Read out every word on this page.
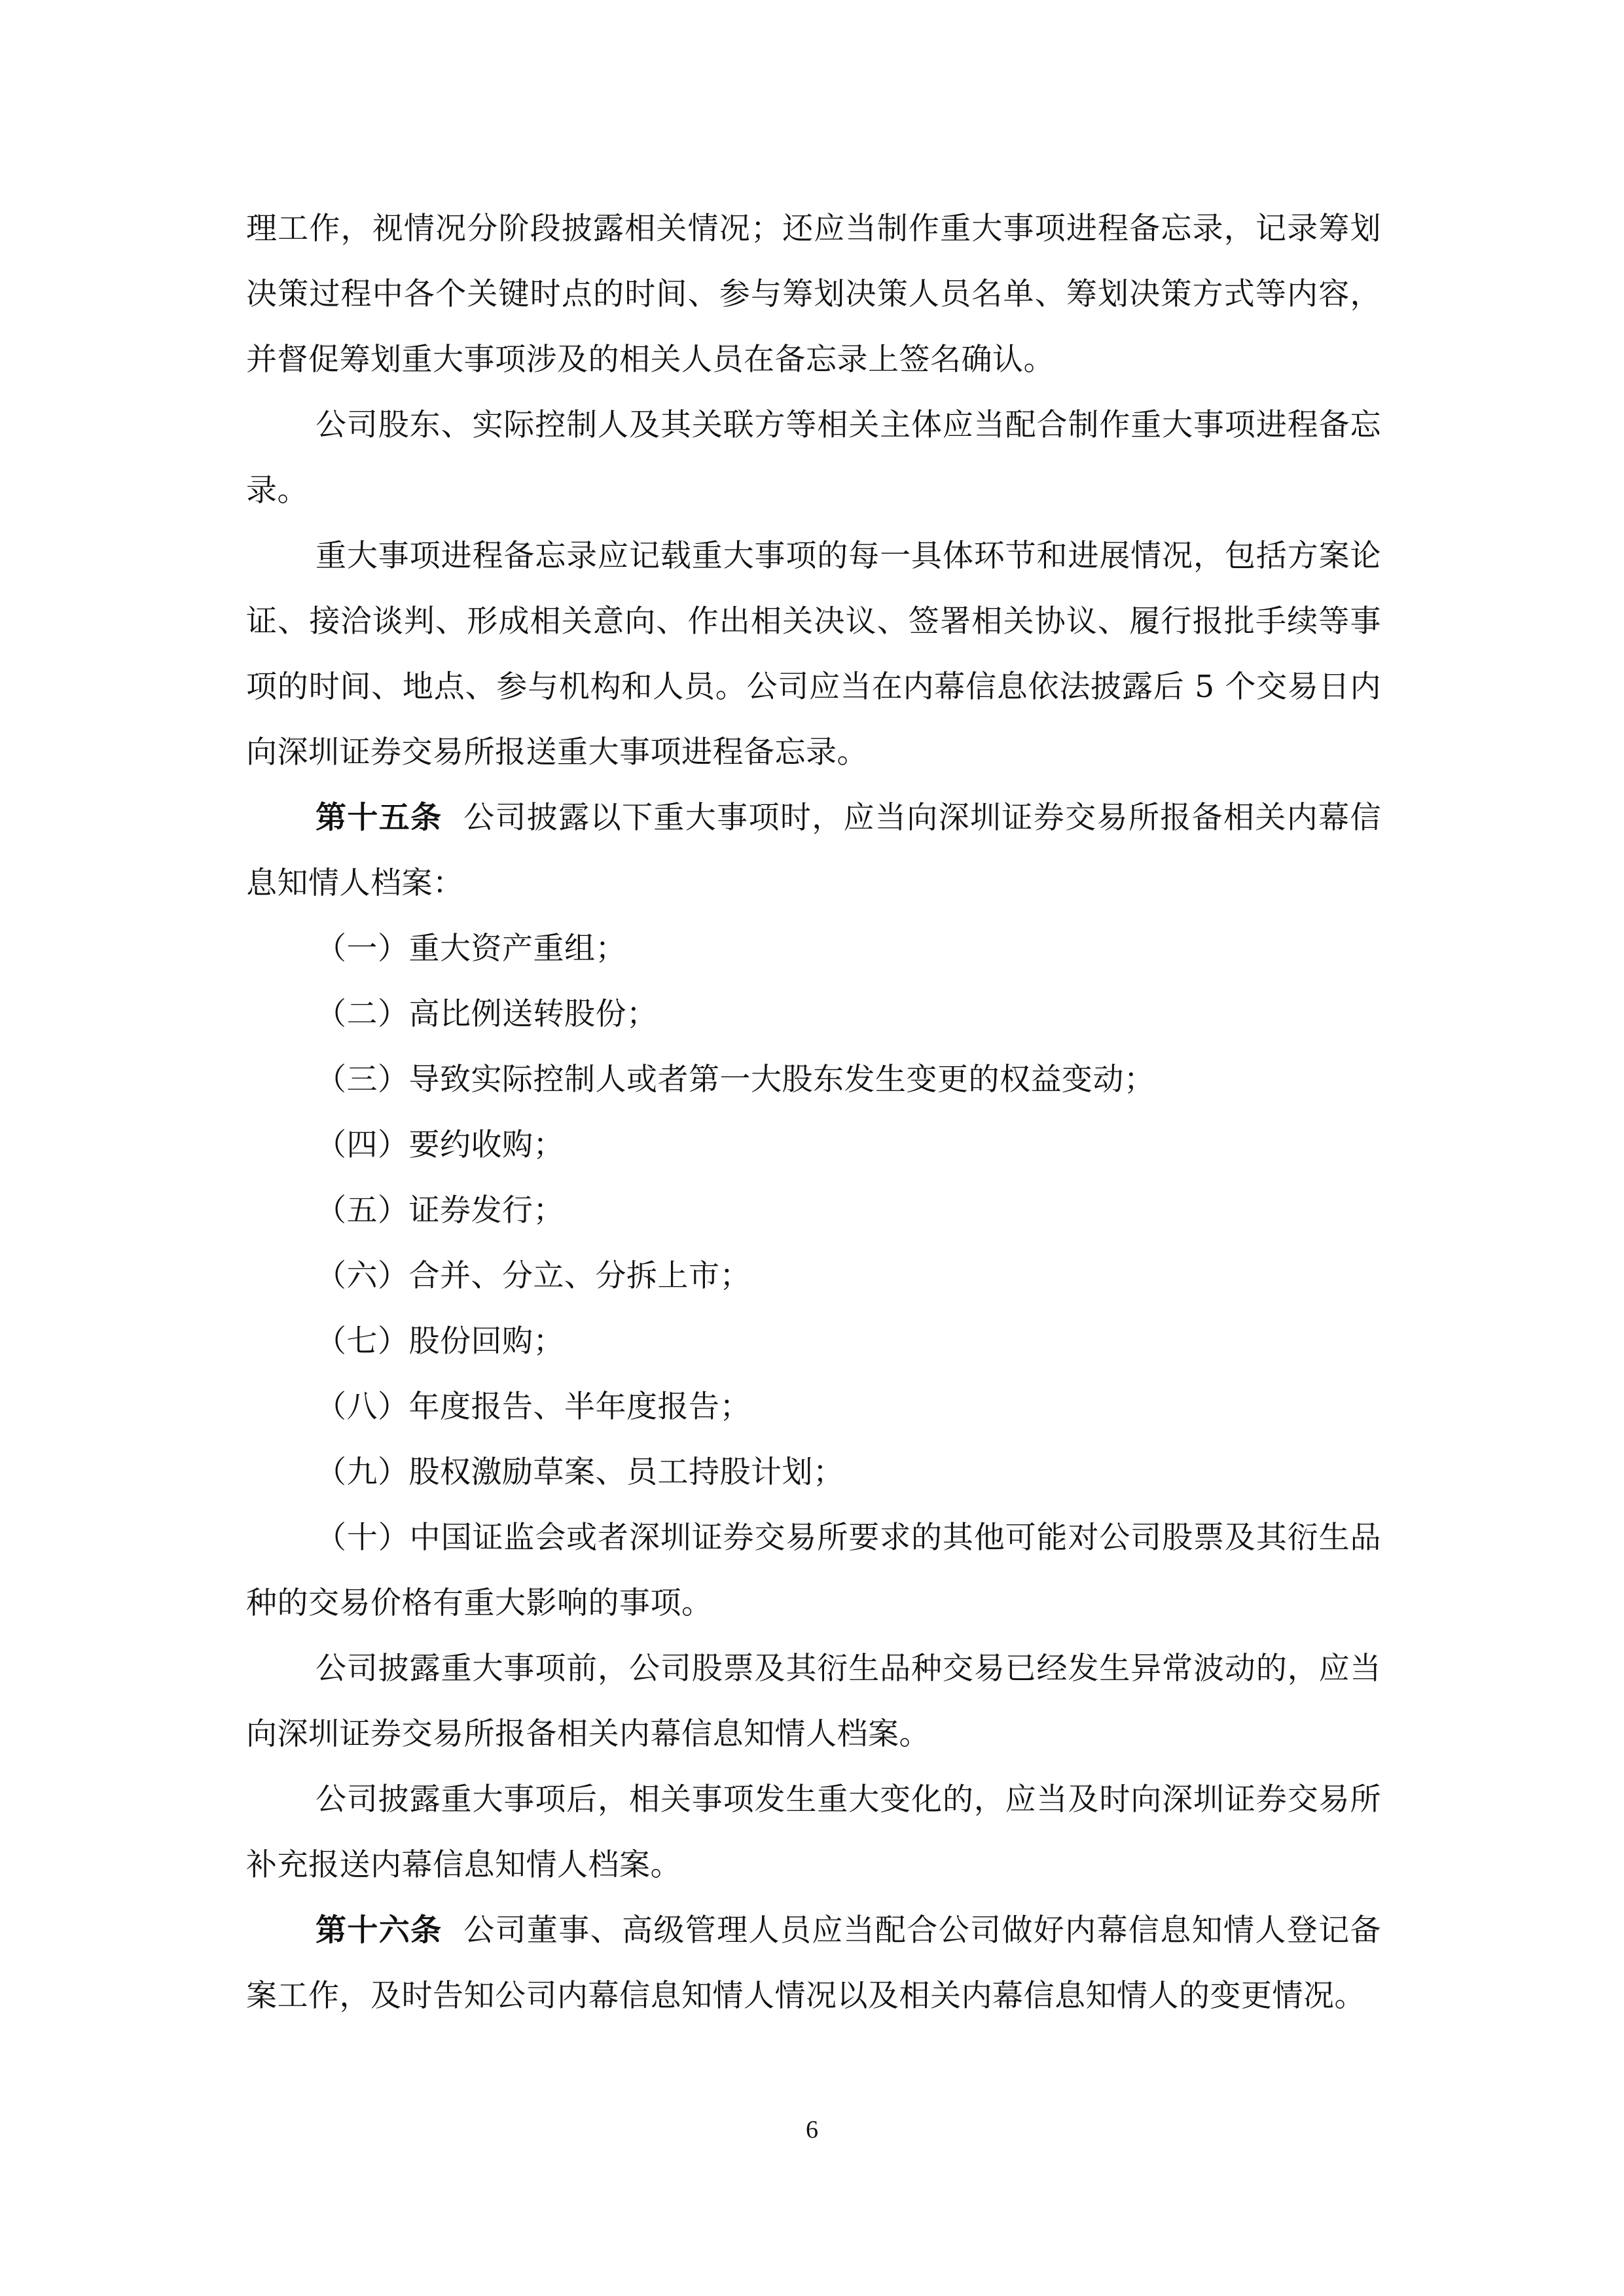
理工作，视情况分阶段披露相关情况；还应当制作重大事项进程备忘录，记录筹划决策过程中各个关键时点的时间、参与筹划决策人员名单、筹划决策方式等内容，并督促筹划重大事项涉及的相关人员在备忘录上签名确认。

公司股东、实际控制人及其关联方等相关主体应当配合制作重大事项进程备忘录。

重大事项进程备忘录应记载重大事项的每一具体环节和进展情况，包括方案论证、接洽谈判、形成相关意向、作出相关决议、签署相关协议、履行报批手续等事项的时间、地点、参与机构和人员。公司应当在内幕信息依法披露后 5 个交易日内向深圳证券交易所报送重大事项进程备忘录。

第十五条 公司披露以下重大事项时，应当向深圳证券交易所报备相关内幕信息知情人档案：

（一）重大资产重组；

（二）高比例送转股份；

（三）导致实际控制人或者第一大股东发生变更的权益变动；

（四）要约收购；

（五）证券发行；

（六）合并、分立、分拆上市；

（七）股份回购；

（八）年度报告、半年度报告；

（九）股权激励草案、员工持股计划；

（十）中国证监会或者深圳证券交易所要求的其他可能对公司股票及其衍生品种的交易价格有重大影响的事项。

公司披露重大事项前，公司股票及其衍生品种交易已经发生异常波动的，应当向深圳证券交易所报备相关内幕信息知情人档案。

公司披露重大事项后，相关事项发生重大变化的，应当及时向深圳证券交易所补充报送内幕信息知情人档案。

第十六条 公司董事、高级管理人员应当配合公司做好内幕信息知情人登记备案工作，及时告知公司内幕信息知情人情况以及相关内幕信息知情人的变更情况。

6
